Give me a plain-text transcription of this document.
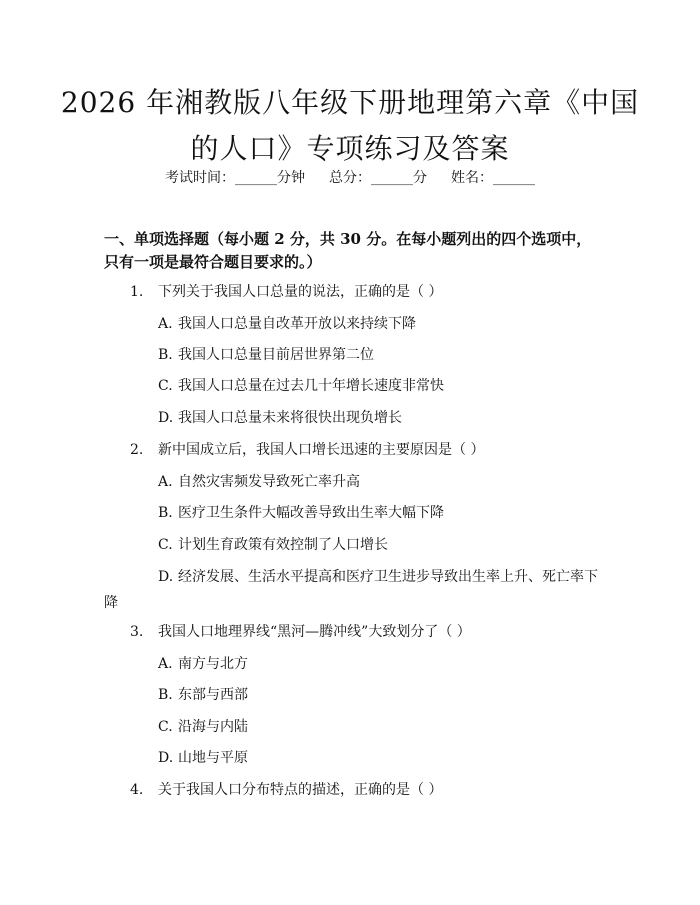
2026 年湘教版八年级下册地理第六章《中国
的人口》专项练习及答案
考试时间：______分钟 总分：______分 姓名：______
一、单项选择题（每小题 2 分，共 30 分。在每小题列出的四个选项中，只有一项是最符合题目要求的。）
1.	下列关于我国人口总量的说法，正确的是（ ）
A. 我国人口总量自改革开放以来持续下降
B. 我国人口总量目前居世界第二位
C. 我国人口总量在过去几十年增长速度非常快
D. 我国人口总量未来将很快出现负增长
2.	新中国成立后，我国人口增长迅速的主要原因是（ ）
A. 自然灾害频发导致死亡率升高
B. 医疗卫生条件大幅改善导致出生率大幅下降
C. 计划生育政策有效控制了人口增长
D. 经济发展、生活水平提高和医疗卫生进步导致出生率上升、死亡率下降
3.	我国人口地理界线“黑河—腾冲线”大致划分了（ ）
A. 南方与北方
B. 东部与西部
C. 沿海与内陆
D. 山地与平原
4.	关于我国人口分布特点的描述，正确的是（ ）
